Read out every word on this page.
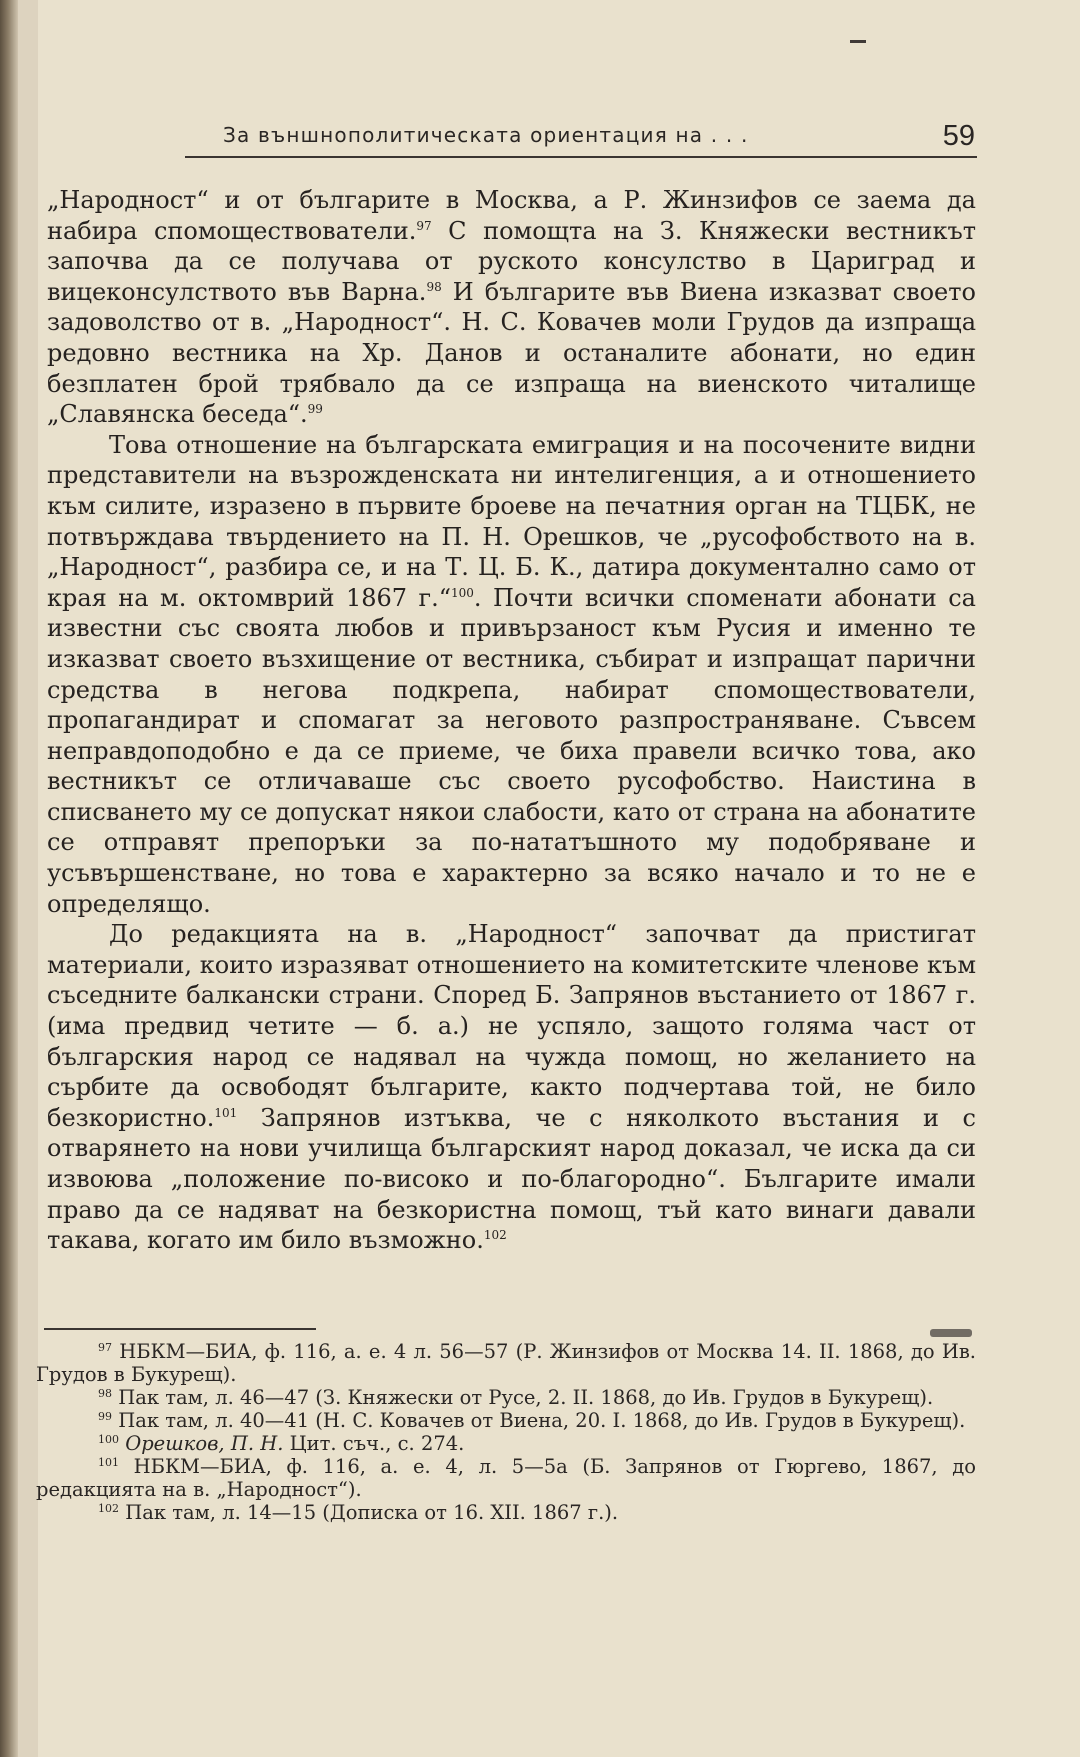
За външнополитическата ориентация на . . .	59

„Народност“ и от българите в Москва, а Р. Жинзифов се заема да набира спомоществователи.$^{97}$ С помощта на З. Княжески вестникът започва да се получава от руското консулство в Цариград и вицеконсулството във Варна.$^{98}$ И българите във Виена изказват своето задоволство от в. „Народност“. Н. С. Ковачев моли Грудов да изпраща редовно вестника на Хр. Данов и останалите абонати, но един безплатен брой трябвало да се изпраща на виенското читалище „Славянска беседа“.$^{99}$

Това отношение на българската емиграция и на посочените видни представители на възрожденската ни интелигенция, а и отношението към силите, изразено в първите броеве на печатния орган на ТЦБК, не потвърждава твърдението на П. Н. Орешков, че „русофобството на в. „Народност“, разбира се, и на Т. Ц. Б. К., датира документално само от края на м. октомврий 1867 г.“$^{100}$. Почти всички споменати абонати са известни със своята любов и привързаност към Русия и именно те изказват своето възхищение от вестника, събират и изпращат парични средства в негова подкрепа, набират спомоществователи, пропагандират и спомагат за неговото разпространяване. Съвсем неправдоподобно е да се приеме, че биха правели всичко това, ако вестникът се отличаваше със своето русофобство. Наистина в списването му се допускат някои слабости, като от страна на абонатите се отправят препоръки за по-нататъшното му подобряване и усъвършенстване, но това е характерно за всяко начало и то не е определящо.

До редакцията на в. „Народност“ започват да пристигат материали, които изразяват отношението на комитетските членове към съседните балкански страни. Според Б. Запрянов въстанието от 1867 г. (има предвид четите — б. а.) не успяло, защото голяма част от българския народ се надявал на чужда помощ, но желанието на сърбите да освободят българите, както подчертава той, не било безкористно.$^{101}$ Запрянов изтъква, че с няколкото въстания и с отварянето на нови училища българският народ доказал, че иска да си извоюва „положение по-високо и по-благородно“. Българите имали право да се надяват на безкористна помощ, тъй като винаги давали такава, когато им било възможно.$^{102}$

$^{97}$ НБКМ—БИА, ф. 116, а. е. 4 л. 56—57 (Р. Жинзифов от Москва 14. II. 1868, до Ив. Грудов в Букурещ).

$^{98}$ Пак там, л. 46—47 (З. Княжески от Русе, 2. II. 1868, до Ив. Грудов в Букурещ).

$^{99}$ Пак там, л. 40—41 (Н. С. Ковачев от Виена, 20. I. 1868, до Ив. Грудов в Букурещ).

$^{100}$ Орешков, П. Н. Цит. съч., с. 274.

$^{101}$ НБКМ—БИА, ф. 116, а. е. 4, л. 5—5а (Б. Запрянов от Гюргево, 1867, до редакцията на в. „Народност“).

$^{102}$ Пак там, л. 14—15 (Дописка от 16. XII. 1867 г.).
